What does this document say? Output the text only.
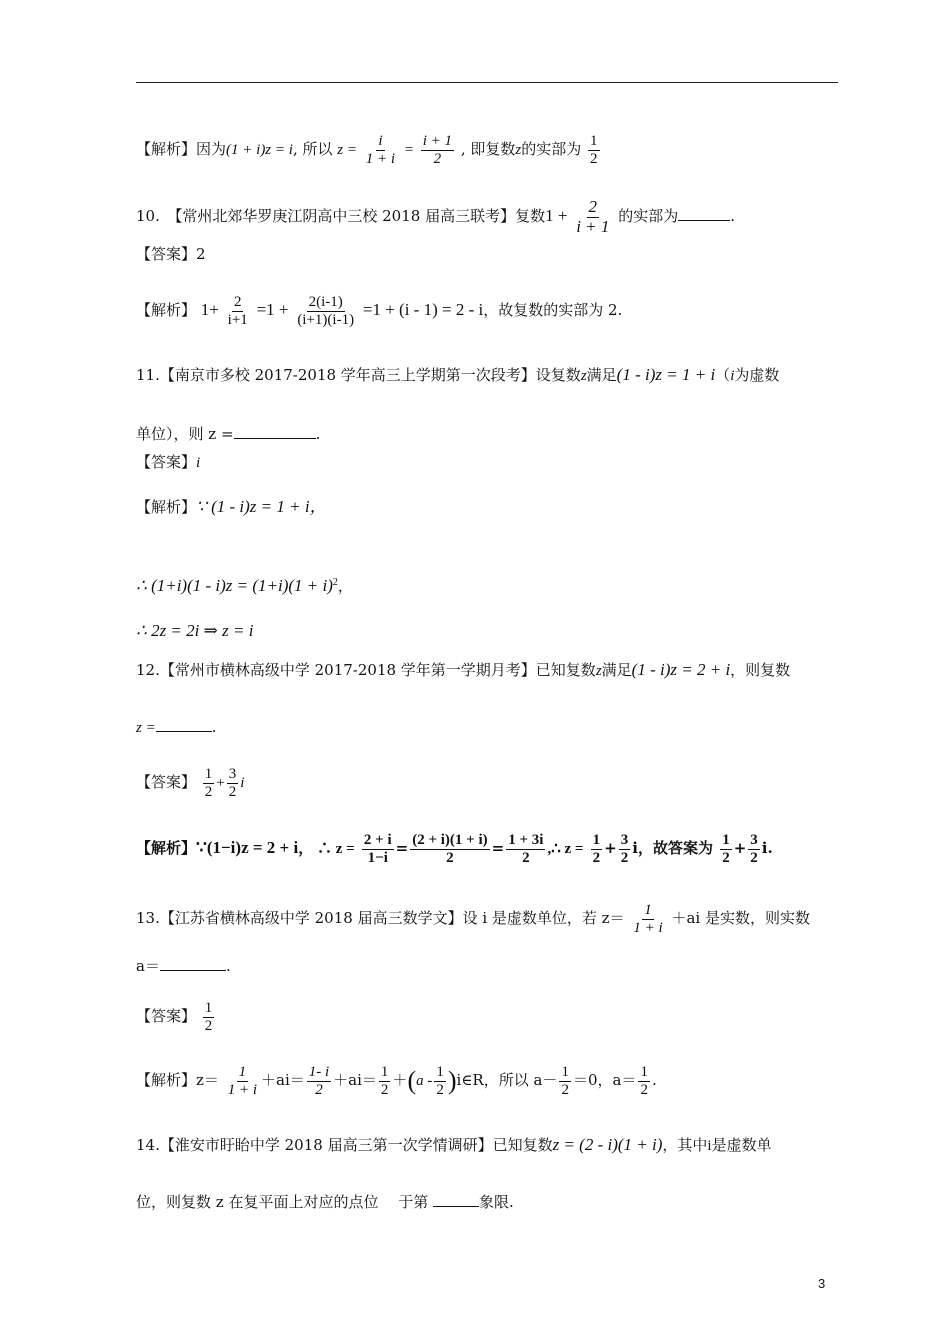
【解析】因为(1 + i)z = i, 所以 $z = \frac{i}{1 + i} = \frac{i + 1}{2}$ , 即复数z的实部为 $\frac{1}{2}$
10.　【常州北郊华罗庚江阴高中三校 2018 届高三联考】复数$1 + \frac{2}{i + 1}$ 的实部为	.
【答案】2
【解析】 $1+ \frac{2}{i+1} =1 + \frac{2(i-1)}{(i+1)(i-1)} =1 + (i - 1) = 2 - i$，故复数的实部为 2.
11.【南京市多校 2017-2018 学年高三上学期第一次段考】设复数z满足(1 - i)z = 1 + i（i为虚数
单位），则 z =	.
【答案】i
【解析】∵ (1 - i)z = 1 + i，
∴ $(1+i)(1 - i)z = (1+i)(1 + i)^2$，
∴ 2z = 2i ⇒ z = i
12.【常州市横林高级中学 2017-2018 学年第一学期月考】已知复数z满足(1 - i)z = 2 + i，则复数
z =	.
【答案】 $\frac{1}{2} + \frac{3}{2}$ i
【解析】∵(1−i)z = 2 + i， ∴ $z = \frac{2 + i}{1-i} = \frac{(2 + i)(1 + i)}{2} = \frac{1 + 3i}{2}$ ,∴ $z = \frac{1}{2} + \frac{3}{2}$ i，故答案为 $\frac{1}{2} + \frac{3}{2} i$.
13.【江苏省横林高级中学 2018 届高三数学文】设 i 是虚数单位，若 $z= \frac{1}{1 + i} +ai$ 是实数，则实数
a＝	.
【答案】 $\frac{1}{2}$
【解析】$z= \frac{1}{1 + i} +ai= \frac{1- i}{2} +ai= \frac{1}{2} +(a - \frac{1}{2}$ )i∈R，所以 $a- \frac{1}{2} =0$，$a= \frac{1}{2}$ .
14.【淮安市盱眙中学 2018 届高三第一次学情调研】已知复数z = (2 - i)(1 + i)，其中i是虚数单
位，则复数 z 在复平面上对应的点位　 于第	象限.
3
